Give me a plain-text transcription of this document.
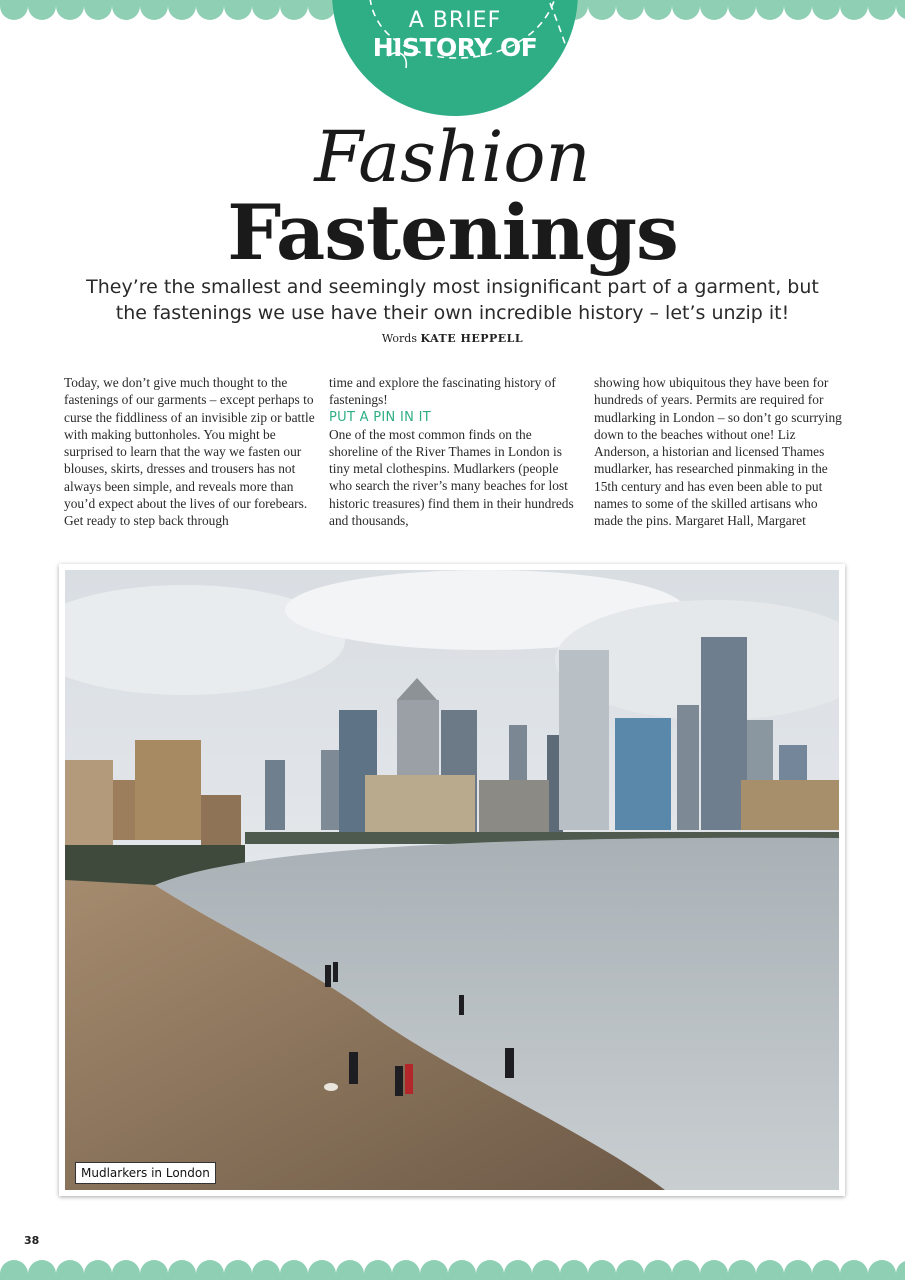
A BRIEF
HISTORY OF
Fashion
Fastenings
They’re the smallest and seemingly most insignificant part of a garment, but
the fastenings we use have their own incredible history – let’s unzip it!
Words KATE HEPPELL

Today, we don’t give much thought to the fastenings of our garments – except perhaps to curse the fiddliness of an invisible zip or battle with making buttonholes. You might be surprised to learn that the way we fasten our blouses, skirts, dresses and trousers has not always been simple, and reveals more than you’d expect about the lives of our forebears. Get ready to step back through

time and explore the fascinating history of fastenings!

PUT A PIN IN IT

One of the most common finds on the shoreline of the River Thames in London is tiny metal clothespins. Mudlarkers (people who search the river’s many beaches for lost historic treasures) find them in their hundreds and thousands,

showing how ubiquitous they have been for hundreds of years. Permits are required for mudlarking in London – so don’t go scurrying down to the beaches without one! Liz Anderson, a historian and licensed Thames mudlarker, has researched pinmaking in the 15th century and has even been able to put names to some of the skilled artisans who made the pins. Margaret Hall, Margaret

Mudlarkers in London
38
